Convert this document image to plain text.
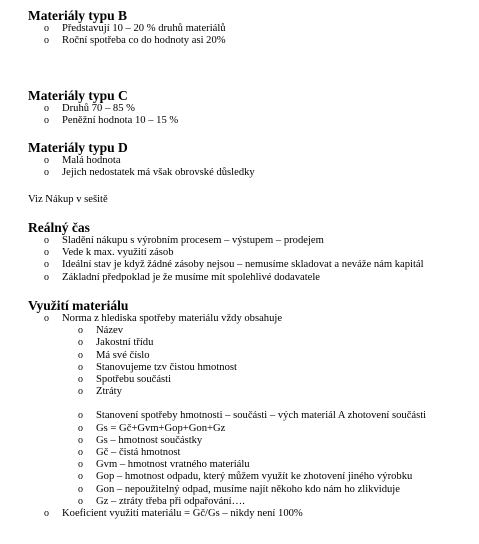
Materiály typu B
o Představují 10 – 20 % druhů materiálů
o Roční spotřeba co do hodnoty asi 20%
Materiály typu C
o Druhů 70 – 85 %
o Peněžní hodnota 10 – 15 %
Materiály typu D
o Malá hodnota
o Jejich nedostatek má však obrovské důsledky

Viz Nákup v sešitě

Reálný čas
o Sladění nákupu s výrobním procesem – výstupem – prodejem
o Vede k max. využití zásob
o Ideální stav je když žádné zásoby nejsou – nemusíme skladovat a neváže nám kapitál
o Základní předpoklad je že musíme mít spolehlivé dodavatele
Využití materiálu
o Norma z hlediska spotřeby materiálu vždy obsahuje
o Název
o Jakostní třídu
o Má své číslo
o Stanovujeme tzv čistou hmotnost
o Spotřebu součásti
o Ztráty
o Stanovení spotřeby hmotnosti – součásti – vých materiál A zhotovení součásti
o Gs = Gč+Gvm+Gop+Gon+Gz
o Gs – hmotnost součástky
o Gč – čistá hmotnost
o Gvm – hmotnost vratného materiálu
o Gop – hmotnost odpadu, který můžem využít ke zhotovení jiného výrobku
o Gon – nepoužitelný odpad, musíme najít někoho kdo nám ho zlikviduje
o Gz – ztráty třeba při odpařování….
o Koeficient využití materiálu = Gč/Gs – nikdy není 100%
